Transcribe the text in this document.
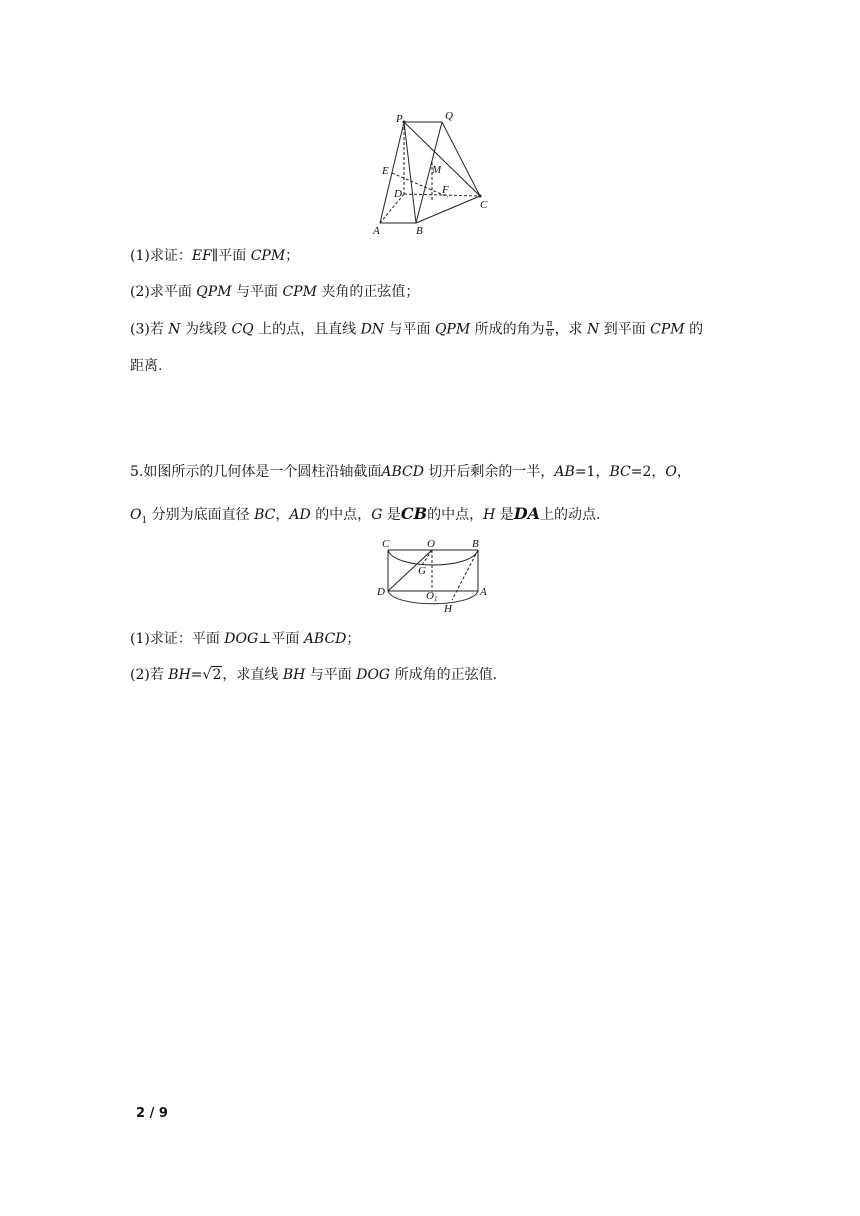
P	Q
E	M
D	F
C
A	B
(1)求证：EF∥平面 CPM；
(2)求平面 QPM 与平面 CPM 夹角的正弦值；
(3)若 N 为线段 CQ 上的点，且直线 DN 与平面 QPM 所成的角为 $\frac{\pi}{6}$ ，求 N 到平面 CPM 的
距离.
5.如图所示的几何体是一个圆柱沿轴截面ABCD 切开后剩余的一半，AB=1，BC=2，O，
$O_1$ 分别为底面直径 BC，AD 的中点，G 是CB的中点，H 是DA上的动点.
C	O	B
G
D	O1
A
H
(1)求证：平面 DOG⊥平面 ABCD；
(2)若 BH=√2，求直线 BH 与平面 DOG 所成角的正弦值.
2 / 9
